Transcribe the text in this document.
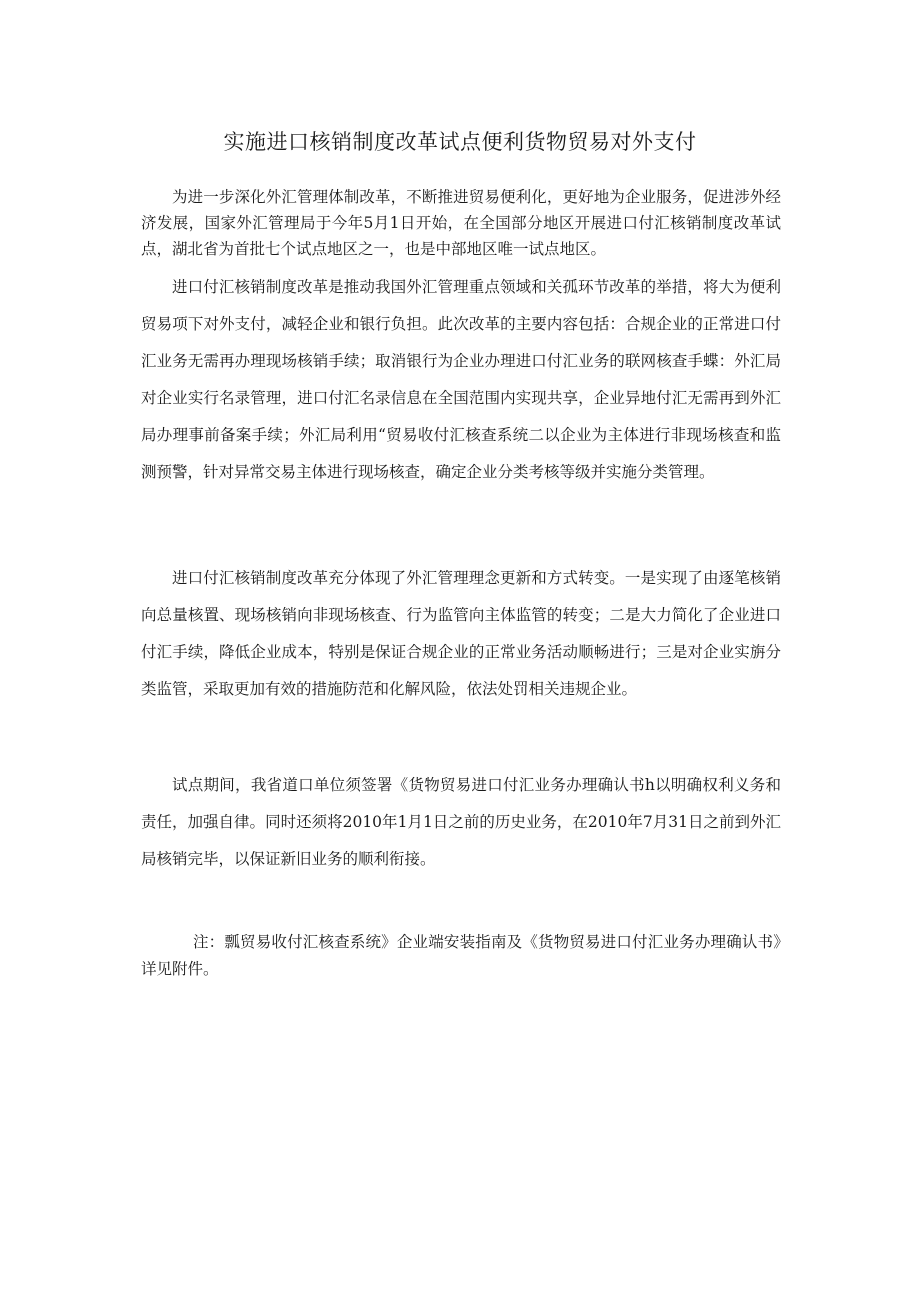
实施进口核销制度改革试点便利货物贸易对外支付

为进一步深化外汇管理体制改革，不断推进贸易便利化，更好地为企业服务，促进涉外经济发展，国家外汇管理局于今年5月1日开始，在全国部分地区开展进口付汇核销制度改革试点，湖北省为首批七个试点地区之一，也是中部地区唯一试点地区。

进口付汇核销制度改革是推动我国外汇管理重点领域和关孤环节改革的举措，将大为便利贸易项下对外支付，减轻企业和银行负担。此次改革的主要内容包括：合规企业的正常进口付汇业务无需再办理现场核销手续；取消银行为企业办理进口付汇业务的联网核查手蝶：外汇局对企业实行名录管理，进口付汇名录信息在全国范围内实现共享，企业异地付汇无需再到外汇局办理事前备案手续；外汇局利用“贸易收付汇核查系统二以企业为主体进行非现场核查和监测预警，针对异常交易主体进行现场核查，确定企业分类考核等级并实施分类管理。

进口付汇核销制度改革充分体现了外汇管理理念更新和方式转变。一是实现了由逐笔核销向总量核置、现场核销向非现场核查、行为监管向主体监管的转变；二是大力简化了企业进口付汇手续，降低企业成本，特别是保证合规企业的正常业务活动顺畅进行；三是对企业实旃分类监管，采取更加有效的措施防范和化解风险，依法处罚相关违规企业。

试点期间，我省道口单位须签署《货物贸易进口付汇业务办理确认书h以明确权利义务和责任，加强自律。同时还须将2010年1月1日之前的历史业务，在2010年7月31日之前到外汇局核销完毕，以保证新旧业务的顺利衔接。

注：瓢贸易收付汇核查系统》企业端安装指南及《货物贸易进口付汇业务办理确认书》详见附件。
